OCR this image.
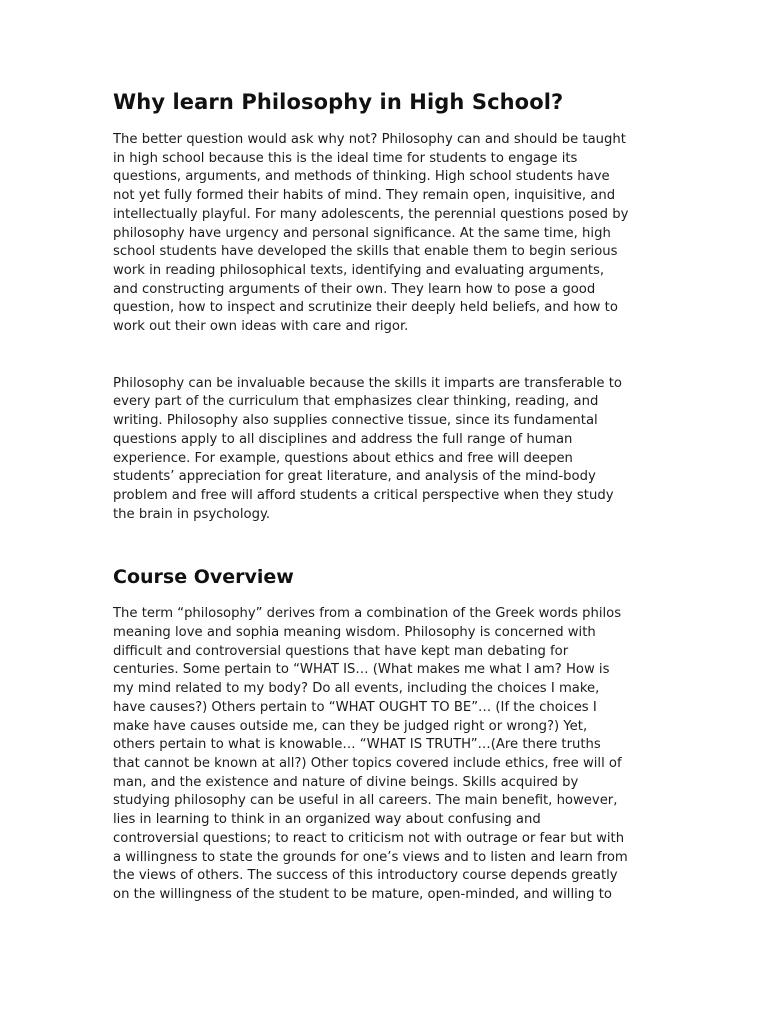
Why learn Philosophy in High School?
The better question would ask why not? Philosophy can and should be taught
in high school because this is the ideal time for students to engage its
questions, arguments, and methods of thinking. High school students have
not yet fully formed their habits of mind. They remain open, inquisitive, and
intellectually playful. For many adolescents, the perennial questions posed by
philosophy have urgency and personal significance. At the same time, high
school students have developed the skills that enable them to begin serious
work in reading philosophical texts, identifying and evaluating arguments,
and constructing arguments of their own. They learn how to pose a good
question, how to inspect and scrutinize their deeply held beliefs, and how to
work out their own ideas with care and rigor.
Philosophy can be invaluable because the skills it imparts are transferable to
every part of the curriculum that emphasizes clear thinking, reading, and
writing. Philosophy also supplies connective tissue, since its fundamental
questions apply to all disciplines and address the full range of human
experience. For example, questions about ethics and free will deepen
students’ appreciation for great literature, and analysis of the mind-body
problem and free will afford students a critical perspective when they study
the brain in psychology.
Course Overview
The term “philosophy” derives from a combination of the Greek words philos
meaning love and sophia meaning wisdom. Philosophy is concerned with
difficult and controversial questions that have kept man debating for
centuries. Some pertain to “WHAT IS… (What makes me what I am? How is
my mind related to my body? Do all events, including the choices I make,
have causes?) Others pertain to “WHAT OUGHT TO BE”… (If the choices I
make have causes outside me, can they be judged right or wrong?) Yet,
others pertain to what is knowable… “WHAT IS TRUTH”…(Are there truths
that cannot be known at all?) Other topics covered include ethics, free will of
man, and the existence and nature of divine beings. Skills acquired by
studying philosophy can be useful in all careers. The main benefit, however,
lies in learning to think in an organized way about confusing and
controversial questions; to react to criticism not with outrage or fear but with
a willingness to state the grounds for one’s views and to listen and learn from
the views of others. The success of this introductory course depends greatly
on the willingness of the student to be mature, open-minded, and willing to
